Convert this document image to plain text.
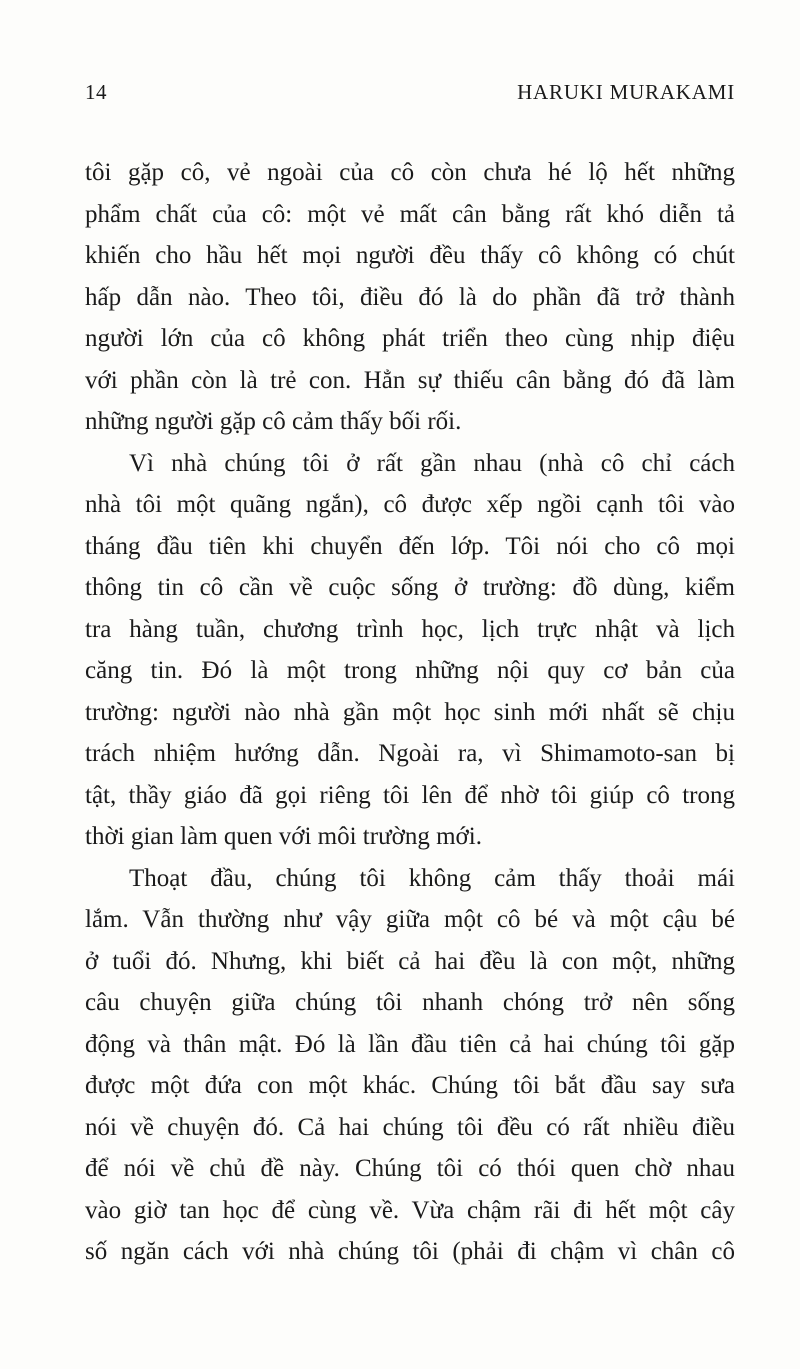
14	HARUKI MURAKAMI
tôi gặp cô, vẻ ngoài của cô còn chưa hé lộ hết những
phẩm chất của cô: một vẻ mất cân bằng rất khó diễn tả
khiến cho hầu hết mọi người đều thấy cô không có chút
hấp dẫn nào. Theo tôi, điều đó là do phần đã trở thành
người lớn của cô không phát triển theo cùng nhịp điệu
với phần còn là trẻ con. Hẳn sự thiếu cân bằng đó đã làm
những người gặp cô cảm thấy bối rối.
Vì nhà chúng tôi ở rất gần nhau (nhà cô chỉ cách
nhà tôi một quãng ngắn), cô được xếp ngồi cạnh tôi vào
tháng đầu tiên khi chuyển đến lớp. Tôi nói cho cô mọi
thông tin cô cần về cuộc sống ở trường: đồ dùng, kiểm
tra hàng tuần, chương trình học, lịch trực nhật và lịch
căng tin. Đó là một trong những nội quy cơ bản của
trường: người nào nhà gần một học sinh mới nhất sẽ chịu
trách nhiệm hướng dẫn. Ngoài ra, vì Shimamoto-san bị
tật, thầy giáo đã gọi riêng tôi lên để nhờ tôi giúp cô trong
thời gian làm quen với môi trường mới.
Thoạt đầu, chúng tôi không cảm thấy thoải mái
lắm. Vẫn thường như vậy giữa một cô bé và một cậu bé
ở tuổi đó. Nhưng, khi biết cả hai đều là con một, những
câu chuyện giữa chúng tôi nhanh chóng trở nên sống
động và thân mật. Đó là lần đầu tiên cả hai chúng tôi gặp
được một đứa con một khác. Chúng tôi bắt đầu say sưa
nói về chuyện đó. Cả hai chúng tôi đều có rất nhiều điều
để nói về chủ đề này. Chúng tôi có thói quen chờ nhau
vào giờ tan học để cùng về. Vừa chậm rãi đi hết một cây
số ngăn cách với nhà chúng tôi (phải đi chậm vì chân cô
